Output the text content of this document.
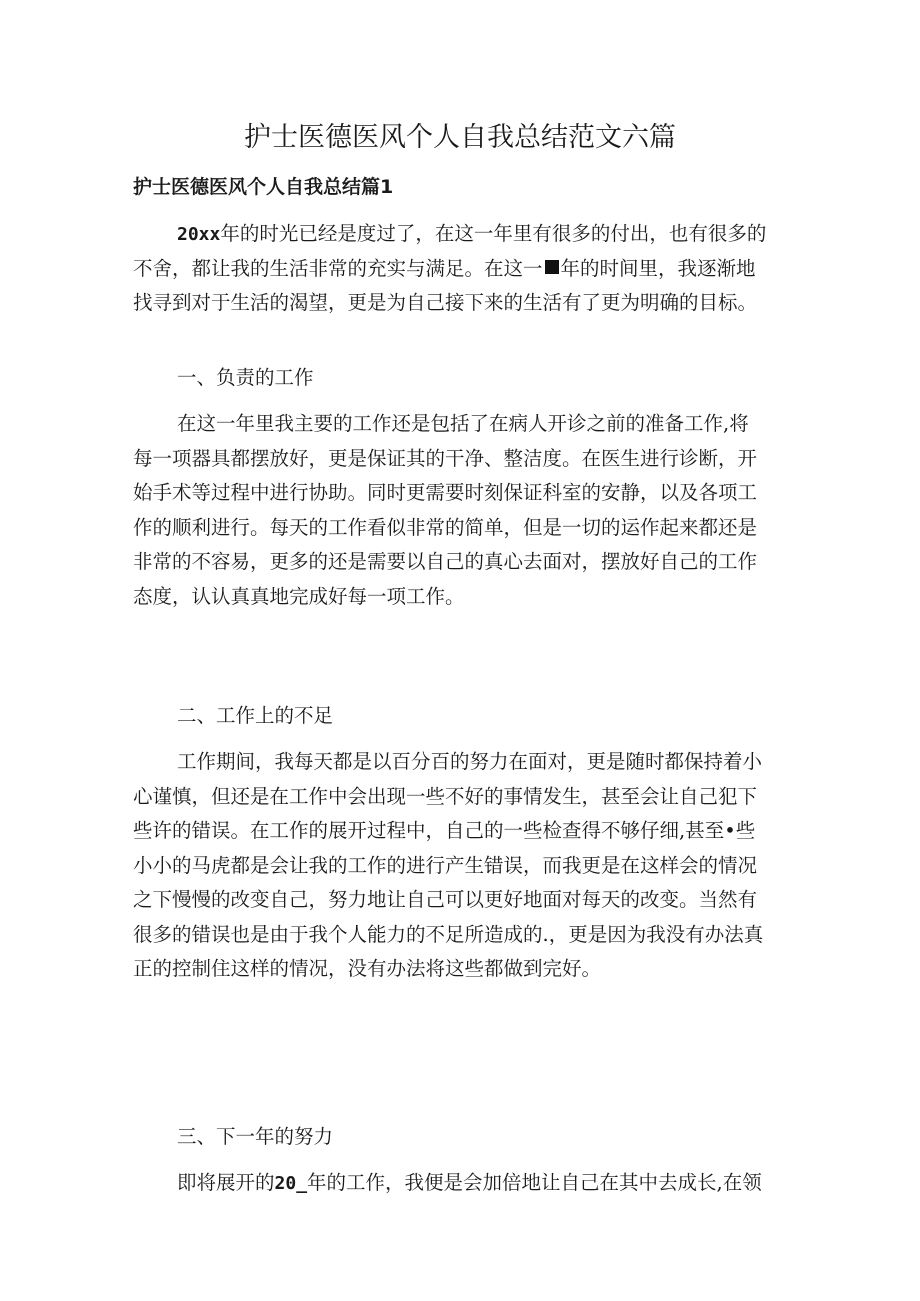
护士医德医风个人自我总结范文六篇
护士医德医风个人自我总结篇1
20xx年的时光已经是度过了，在这一年里有很多的付出，也有很多的
不舍，都让我的生活非常的充实与满足。在这一 年的时间里，我逐渐地
找寻到对于生活的渴望，更是为自己接下来的生活有了更为明确的目标。

一、负责的工作

在这一年里我主要的工作还是包括了在病人开诊之前的准备工作,将
每一项器具都摆放好，更是保证其的干净、整洁度。在医生进行诊断，开
始手术等过程中进行协助。同时更需要时刻保证科室的安静，以及各项工
作的顺利进行。每天的工作看似非常的简单，但是一切的运作起来都还是
非常的不容易，更多的还是需要以自己的真心去面对，摆放好自己的工作
态度，认认真真地完成好每一项工作。

二、工作上的不足

工作期间，我每天都是以百分百的努力在面对，更是随时都保持着小
心谨慎，但还是在工作中会出现一些不好的事情发生，甚至会让自己犯下
些许的错误。在工作的展开过程中，自己的一些检查得不够仔细,甚至•些
小小的马虎都是会让我的工作的进行产生错误，而我更是在这样会的情况
之下慢慢的改变自己，努力地让自己可以更好地面对每天的改变。当然有
很多的错误也是由于我个人能力的不足所造成的.，更是因为我没有办法真
正的控制住这样的情况，没有办法将这些都做到完好。

三、下一年的努力

即将展开的20_年的工作，我便是会加倍地让自己在其中去成长,在领
